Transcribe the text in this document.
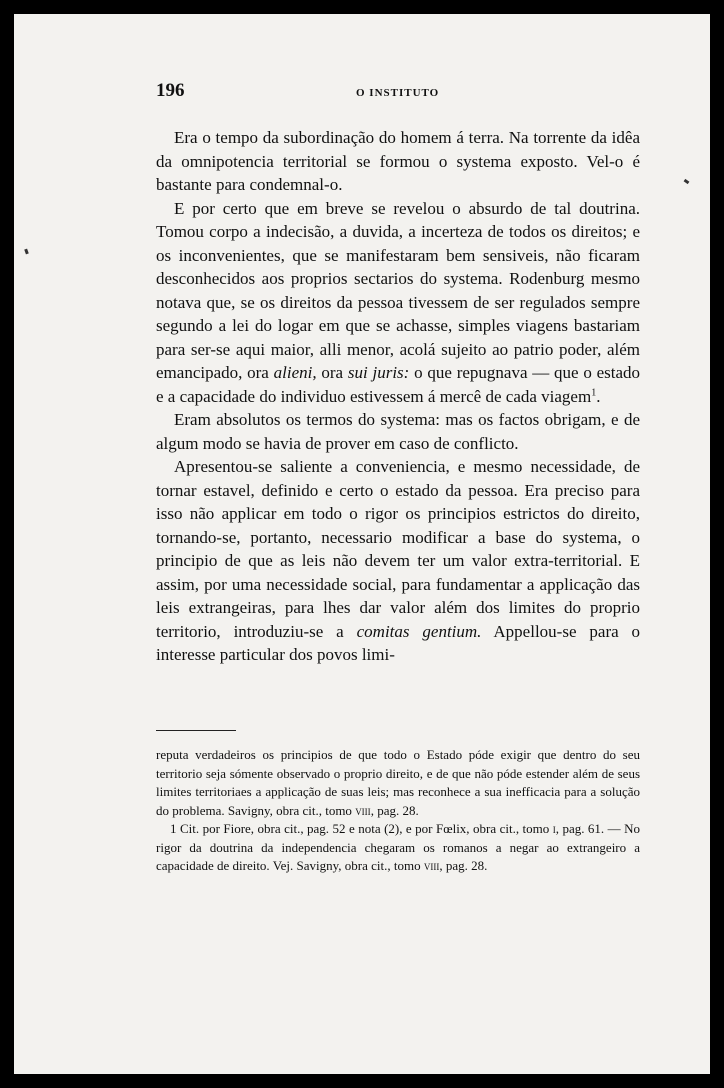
196	O INSTITUTO

Era o tempo da subordinação do homem á terra. Na torrente da idêa da omnipotencia territorial se formou o systema exposto. Vel-o é bastante para condemnal-o.

E por certo que em breve se revelou o absurdo de tal doutrina. Tomou corpo a indecisão, a duvida, a incerteza de todos os direitos; e os inconvenientes, que se manifestaram bem sensiveis, não ficaram desconhecidos aos proprios sectarios do systema. Rodenburg mesmo notava que, se os direitos da pessoa tivessem de ser regulados sempre segundo a lei do logar em que se achasse, simples viagens bastariam para ser-se aqui maior, alli menor, acolá sujeito ao patrio poder, além emancipado, ora alieni, ora sui juris: o que repugnava — que o estado e a capacidade do individuo estivessem á mercê de cada viagem$^1$.

Eram absolutos os termos do systema: mas os factos obrigam, e de algum modo se havia de prover em caso de conflicto.

Apresentou-se saliente a conveniencia, e mesmo necessidade, de tornar estavel, definido e certo o estado da pessoa. Era preciso para isso não applicar em todo o rigor os principios estrictos do direito, tornando-se, portanto, necessario modificar a base do systema, o principio de que as leis não devem ter um valor extra-territorial. E assim, por uma necessidade social, para fundamentar a applicação das leis extrangeiras, para lhes dar valor além dos limites do proprio territorio, introduziu-se a comitas gentium. Appellou-se para o interesse particular dos povos limi-

reputa verdadeiros os principios de que todo o Estado póde exigir que dentro do seu territorio seja sómente observado o proprio direito, e de que não póde estender além de seus limites territoriaes a applicação de suas leis; mas reconhece a sua inefficacia para a solução do problema. Savigny, obra cit., tomo viii, pag. 28.

1 Cit. por Fiore, obra cit., pag. 52 e nota (2), e por Fœlix, obra cit., tomo i, pag. 61. — No rigor da doutrina da independencia chegaram os romanos a negar ao extrangeiro a capacidade de direito. Vej. Savigny, obra cit., tomo viii, pag. 28.
